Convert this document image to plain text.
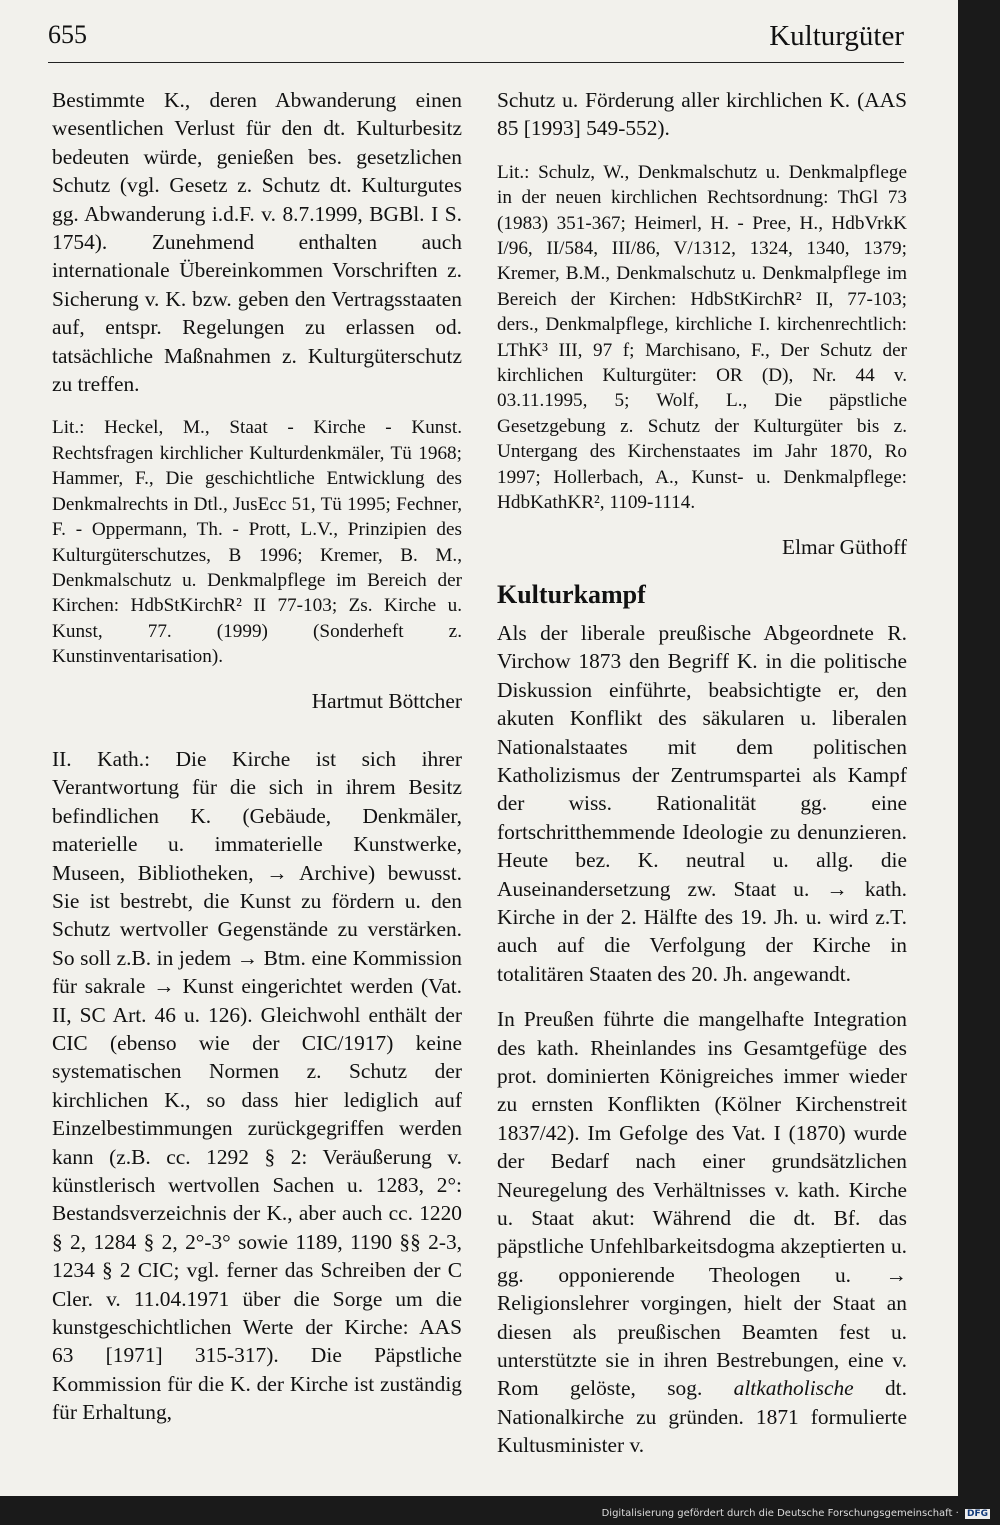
655	Kulturgüter

Bestimmte K., deren Abwanderung einen wesentlichen Verlust für den dt. Kulturbesitz bedeuten würde, genießen bes. gesetzlichen Schutz (vgl. Gesetz z. Schutz dt. Kulturgutes gg. Abwanderung i.d.F. v. 8.7.1999, BGBl. I S. 1754). Zunehmend enthalten auch internationale Übereinkommen Vorschriften z. Sicherung v. K. bzw. geben den Vertragsstaaten auf, entspr. Regelungen zu erlassen od. tatsächliche Maßnahmen z. Kulturgüterschutz zu treffen.

Lit.: Heckel, M., Staat - Kirche - Kunst. Rechtsfragen kirchlicher Kulturdenkmäler, Tü 1968; Hammer, F., Die geschichtliche Entwicklung des Denkmalrechts in Dtl., JusEcc 51, Tü 1995; Fechner, F. - Oppermann, Th. - Prott, L.V., Prinzipien des Kulturgüterschutzes, B 1996; Kremer, B. M., Denkmalschutz u. Denkmalpflege im Bereich der Kirchen: HdbStKirchR² II 77-103; Zs. Kirche u. Kunst, 77. (1999) (Sonderheft z. Kunstinventarisation).

Hartmut Böttcher

II. Kath.: Die Kirche ist sich ihrer Verantwortung für die sich in ihrem Besitz befindlichen K. (Gebäude, Denkmäler, materielle u. immaterielle Kunstwerke, Museen, Bibliotheken, → Archive) bewusst. Sie ist bestrebt, die Kunst zu fördern u. den Schutz wertvoller Gegenstände zu verstärken. So soll z.B. in jedem → Btm. eine Kommission für sakrale → Kunst eingerichtet werden (Vat. II, SC Art. 46 u. 126). Gleichwohl enthält der CIC (ebenso wie der CIC/1917) keine systematischen Normen z. Schutz der kirchlichen K., so dass hier lediglich auf Einzelbestimmungen zurückgegriffen werden kann (z.B. cc. 1292 § 2: Veräußerung v. künstlerisch wertvollen Sachen u. 1283, 2°: Bestandsverzeichnis der K., aber auch cc. 1220 § 2, 1284 § 2, 2°-3° sowie 1189, 1190 §§ 2-3, 1234 § 2 CIC; vgl. ferner das Schreiben der C Cler. v. 11.04.1971 über die Sorge um die kunstgeschichtlichen Werte der Kirche: AAS 63 [1971] 315-317). Die Päpstliche Kommission für die K. der Kirche ist zuständig für Erhaltung,

Schutz u. Förderung aller kirchlichen K. (AAS 85 [1993] 549-552).

Lit.: Schulz, W., Denkmalschutz u. Denkmalpflege in der neuen kirchlichen Rechtsordnung: ThGl 73 (1983) 351-367; Heimerl, H. - Pree, H., HdbVrkK I/96, II/584, III/86, V/1312, 1324, 1340, 1379; Kremer, B.M., Denkmalschutz u. Denkmalpflege im Bereich der Kirchen: HdbStKirchR² II, 77-103; ders., Denkmalpflege, kirchliche I. kirchenrechtlich: LThK³ III, 97 f; Marchisano, F., Der Schutz der kirchlichen Kulturgüter: OR (D), Nr. 44 v. 03.11.1995, 5; Wolf, L., Die päpstliche Gesetzgebung z. Schutz der Kulturgüter bis z. Untergang des Kirchenstaates im Jahr 1870, Ro 1997; Hollerbach, A., Kunst- u. Denkmalpflege: HdbKathKR², 1109-1114.

Elmar Güthoff

Kulturkampf

Als der liberale preußische Abgeordnete R. Virchow 1873 den Begriff K. in die politische Diskussion einführte, beabsichtigte er, den akuten Konflikt des säkularen u. liberalen Nationalstaates mit dem politischen Katholizismus der Zentrumspartei als Kampf der wiss. Rationalität gg. eine fortschritthemmende Ideologie zu denunzieren. Heute bez. K. neutral u. allg. die Auseinandersetzung zw. Staat u. → kath. Kirche in der 2. Hälfte des 19. Jh. u. wird z.T. auch auf die Verfolgung der Kirche in totalitären Staaten des 20. Jh. angewandt.

In Preußen führte die mangelhafte Integration des kath. Rheinlandes ins Gesamtgefüge des prot. dominierten Königreiches immer wieder zu ernsten Konflikten (Kölner Kirchenstreit 1837/42). Im Gefolge des Vat. I (1870) wurde der Bedarf nach einer grundsätzlichen Neuregelung des Verhältnisses v. kath. Kirche u. Staat akut: Während die dt. Bf. das päpstliche Unfehlbarkeitsdogma akzeptierten u. gg. opponierende Theologen u. → Religionslehrer vorgingen, hielt der Staat an diesen als preußischen Beamten fest u. unterstützte sie in ihren Bestrebungen, eine v. Rom gelöste, sog. altkatholische dt. Nationalkirche zu gründen. 1871 formulierte Kultusminister v.

Digitalisierung gefördert durch die Deutsche Forschungsgemeinschaft · DFG
